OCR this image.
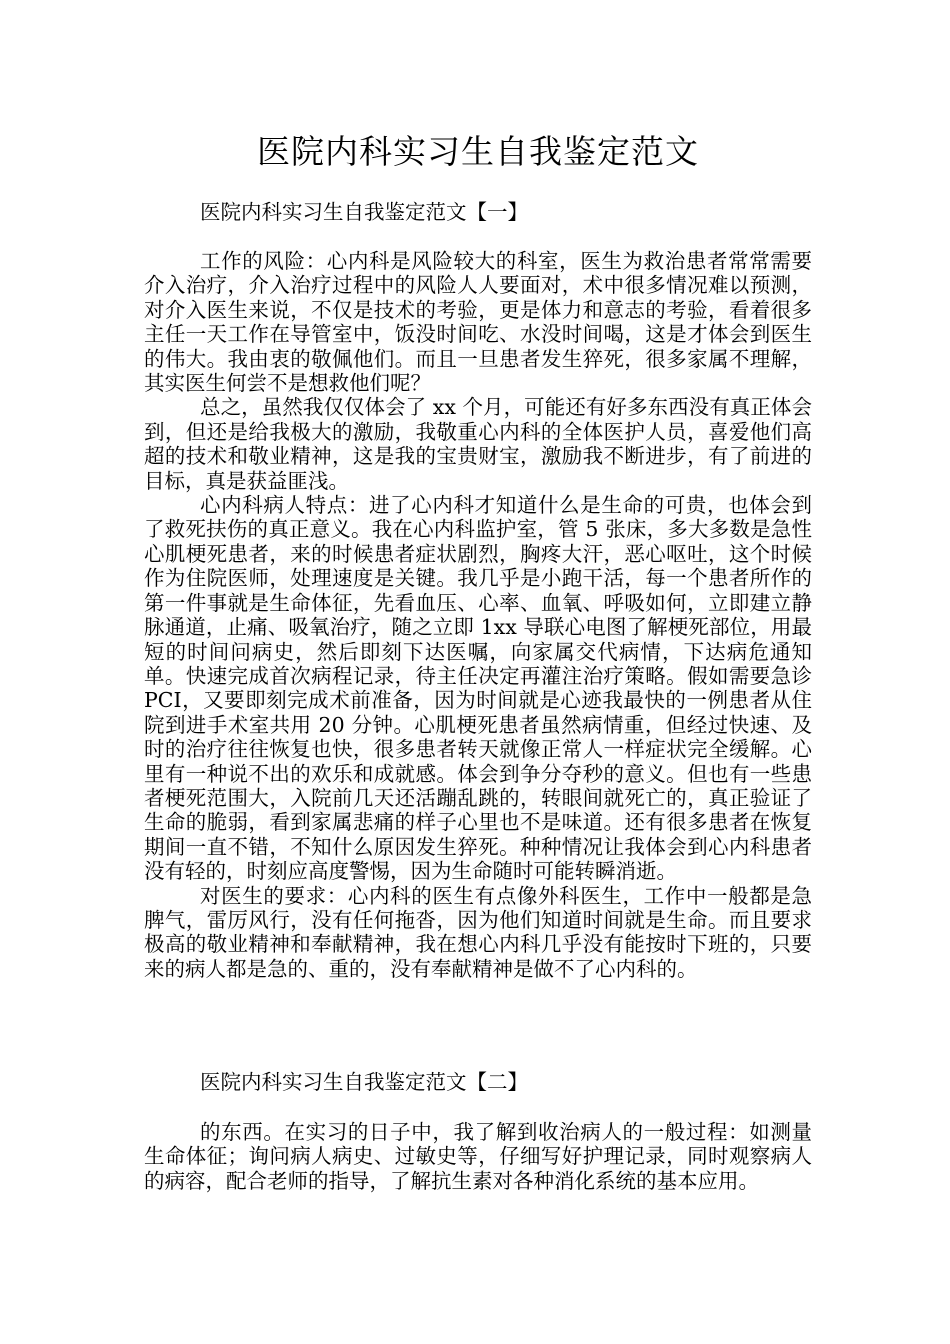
医院内科实习生自我鉴定范文
医院内科实习生自我鉴定范文【一】

工作的风险：心内科是风险较大的科室，医生为救治患者常常需要介入治疗，介入治疗过程中的风险人人要面对，术中很多情况难以预测，对介入医生来说，不仅是技术的考验，更是体力和意志的考验，看着很多主任一天工作在导管室中，饭没时间吃、水没时间喝，这是才体会到医生的伟大。我由衷的敬佩他们。而且一旦患者发生猝死，很多家属不理解，其实医生何尝不是想救他们呢？

总之，虽然我仅仅体会了 xx 个月，可能还有好多东西没有真正体会到，但还是给我极大的激励，我敬重心内科的全体医护人员，喜爱他们高超的技术和敬业精神，这是我的宝贵财宝，激励我不断进步，有了前进的目标，真是获益匪浅。

心内科病人特点：进了心内科才知道什么是生命的可贵，也体会到了救死扶伤的真正意义。我在心内科监护室，管 5 张床，多大多数是急性心肌梗死患者，来的时候患者症状剧烈，胸疼大汗，恶心呕吐，这个时候作为住院医师，处理速度是关键。我几乎是小跑干活，每一个患者所作的第一件事就是生命体征，先看血压、心率、血氧、呼吸如何，立即建立静脉通道，止痛、吸氧治疗，随之立即 1xx 导联心电图了解梗死部位，用最短的时间问病史，然后即刻下达医嘱，向家属交代病情，下达病危通知单。快速完成首次病程记录，待主任决定再灌注治疗策略。假如需要急诊 PCI，又要即刻完成术前准备，因为时间就是心迹我最快的一例患者从住院到进手术室共用 20 分钟。心肌梗死患者虽然病情重，但经过快速、及时的治疗往往恢复也快，很多患者转天就像正常人一样症状完全缓解。心里有一种说不出的欢乐和成就感。体会到争分夺秒的意义。但也有一些患者梗死范围大，入院前几天还活蹦乱跳的，转眼间就死亡的，真正验证了生命的脆弱，看到家属悲痛的样子心里也不是味道。还有很多患者在恢复期间一直不错，不知什么原因发生猝死。种种情况让我体会到心内科患者没有轻的，时刻应高度警惕，因为生命随时可能转瞬消逝。

对医生的要求：心内科的医生有点像外科医生，工作中一般都是急脾气，雷厉风行，没有任何拖沓，因为他们知道时间就是生命。而且要求极高的敬业精神和奉献精神，我在想心内科几乎没有能按时下班的，只要来的病人都是急的、重的，没有奉献精神是做不了心内科的。

医院内科实习生自我鉴定范文【二】

的东西。在实习的日子中，我了解到收治病人的一般过程：如测量生命体征；询问病人病史、过敏史等，仔细写好护理记录，同时观察病人的病容，配合老师的指导，了解抗生素对各种消化系统的基本应用。
